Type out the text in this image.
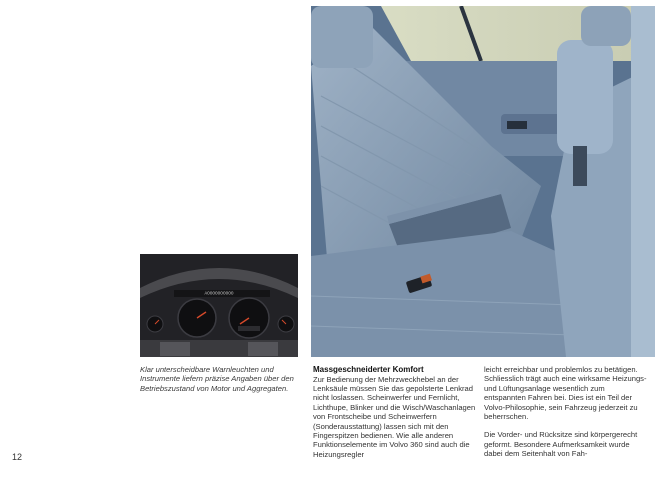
AOOOOOOOOOO
Klar unterscheidbare Warnleuchten und Instrumente liefern präzise Angaben über den Betriebszustand von Motor und Aggregaten.
Massgeschneiderter Komfort

Zur Bedienung der Mehrzweckhebel an der Lenksäule müssen Sie das gepolsterte Lenkrad nicht loslassen. Scheinwerfer und Fernlicht, Lichthupe, Blinker und die Wisch/Waschanlagen von Frontscheibe und Scheinwerfern (Sonderausstattung) lassen sich mit den Fingerspitzen bedienen. Wie alle anderen Funktionselemente im Volvo 360 sind auch die Heizungsregler

leicht erreichbar und problemlos zu betätigen. Schliesslich trägt auch eine wirksame Heizungs- und Lüftungsanlage wesentlich zum entspannten Fahren bei. Dies ist ein Teil der Volvo-Philosophie, sein Fahrzeug jederzeit zu beherrschen.

Die Vorder- und Rücksitze sind körpergerecht geformt. Besondere Aufmerksamkeit wurde dabei dem Seitenhalt von Fah-

12
